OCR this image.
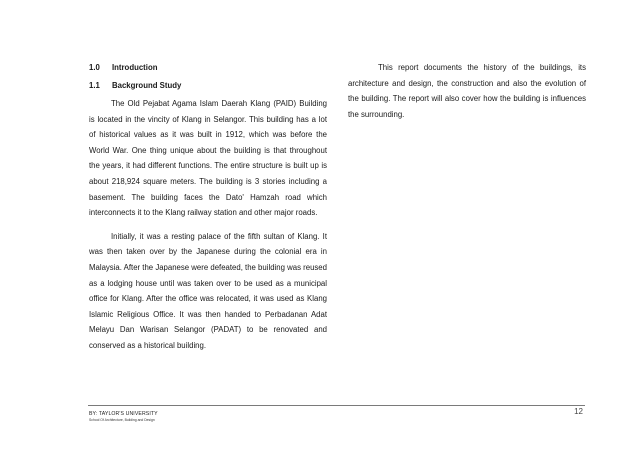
1.0	Introduction
1.1	Background Study

The Old Pejabat Agama Islam Daerah Klang (PAID) Building is located in the vincity of Klang in Selangor. This building has a lot of historical values as it was built in 1912, which was before the World War. One thing unique about the building is that throughout the years, it had different functions. The entire structure is built up is about 218,924 square meters. The building is 3 stories including a basement. The building faces the Dato' Hamzah road which interconnects it to the Klang railway station and other major roads.

Initially, it was a resting palace of the fifth sultan of Klang. It was then taken over by the Japanese during the colonial era in Malaysia. After the Japanese were defeated, the building was reused as a lodging house until was taken over to be used as a municipal office for Klang. After the office was relocated, it was used as Klang Islamic Religious Office. It was then handed to Perbadanan Adat Melayu Dan Warisan Selangor (PADAT) to be renovated and conserved as a historical building.

This report documents the history of the buildings, its architecture and design, the construction and also the evolution of the building. The report will also cover how the building is influences the surrounding.

12
BY: TAYLOR'S UNIVERSITY
School Of Architecture, Building and Design
